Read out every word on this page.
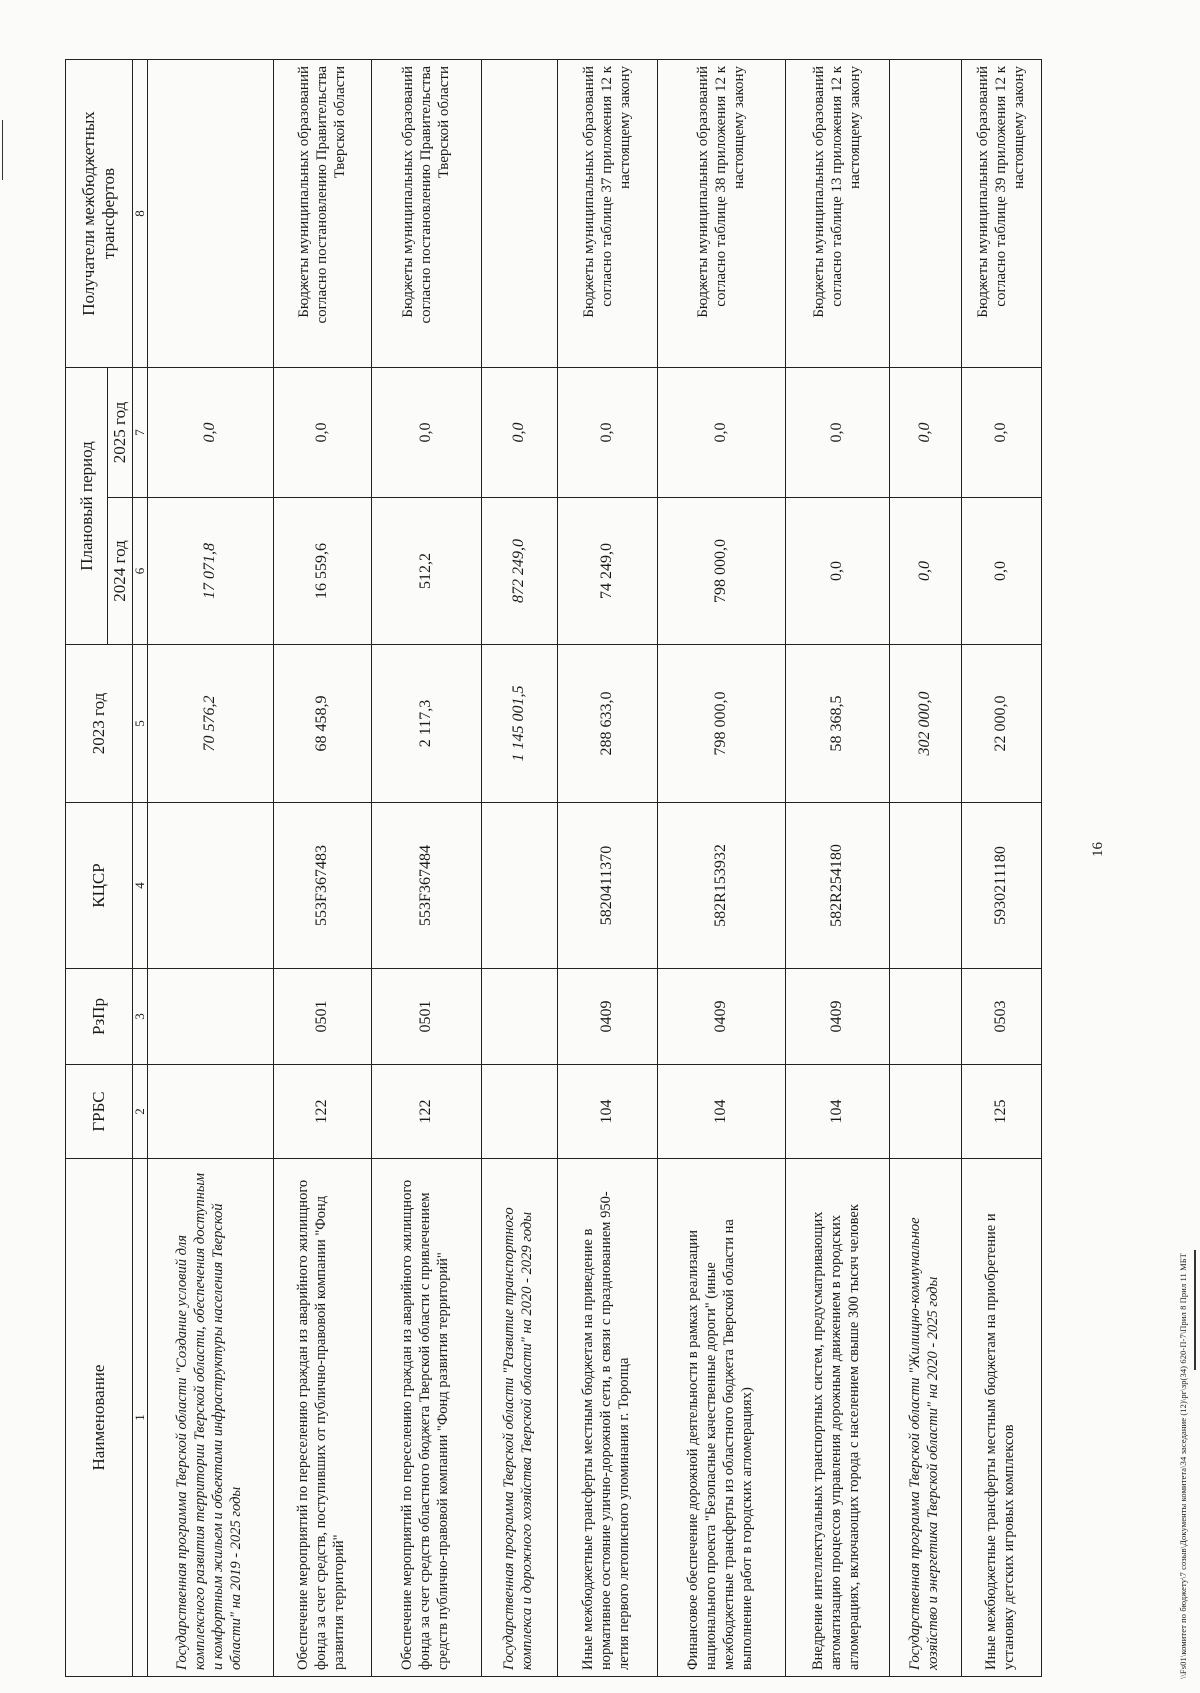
16
Наименование	ГРБС	РзПр	КЦСР	2023 год	Плановый период		Получатели межбюджетных трансфертов
					2024 год	2025 год	
1	2	3	4	5	6	7	8
Государственная программа Тверской области "Создание условий для комплексного развития территории Тверской области, обеспечения доступным и комфортным жильем и объектами инфраструктуры населения Тверской области" на 2019 - 2025 годы				70 576,2	17 071,8	0,0	
Обеспечение мероприятий по переселению граждан из аварийного жилищного фонда за счет средств, поступивших от публично-правовой компании "Фонд развития территорий"	122	0501	553F367483	68 458,9	16 559,6	0,0	Бюджеты муниципальных образований согласно постановлению Правительства Тверской области
Обеспечение мероприятий по переселению граждан из аварийного жилищного фонда за счет средств областного бюджета Тверской области с привлечением средств публично-правовой компании "Фонд развития территорий"	122	0501	553F367484	2 117,3	512,2	0,0	Бюджеты муниципальных образований согласно постановлению Правительства Тверской области
Государственная программа Тверской области "Развитие транспортного комплекса и дорожного хозяйства Тверской области" на 2020 - 2029 годы				1 145 001,5	872 249,0	0,0	
Иные межбюджетные трансферты местным бюджетам на приведение в нормативное состояние улично-дорожной сети, в связи с празднованием 950-летия первого летописного упоминания г. Торопца	104	0409	5820411370	288 633,0	74 249,0	0,0	Бюджеты муниципальных образований согласно таблице 37 приложения 12 к настоящему закону
Финансовое обеспечение дорожной деятельности в рамках реализации национального проекта "Безопасные качественные дороги" (иные межбюджетные трансферты из областного бюджета Тверской области на выполнение работ в городских агломерациях)	104	0409	582R153932	798 000,0	798 000,0	0,0	Бюджеты муниципальных образований согласно таблице 38 приложения 12 к настоящему закону
Внедрение интеллектуальных транспортных систем, предусматривающих автоматизацию процессов управления дорожным движением в городских агломерациях, включающих города с населением свыше 300 тысяч человек	104	0409	582R254180	58 368,5	0,0	0,0	Бюджеты муниципальных образований согласно таблице 13 приложения 12 к настоящему закону
Государственная программа Тверской области "Жилищно-коммунальное хозяйство и энергетика Тверской области" на 2020 - 2025 годы				302 000,0	0,0	0,0	
Иные межбюджетные трансферты местным бюджетам на приобретение и установку детских игровых комплексов	125	0503	5930211180	22 000,0	0,0	0,0	Бюджеты муниципальных образований согласно таблице 39 приложения 12 к настоящему закону
\\Fs01\комитет по бюджету\7 созыв\Документы комитета\34 заседание (12)\рг\зр(34) 620-П-7\Прил 8 Прил 11 МБТ
